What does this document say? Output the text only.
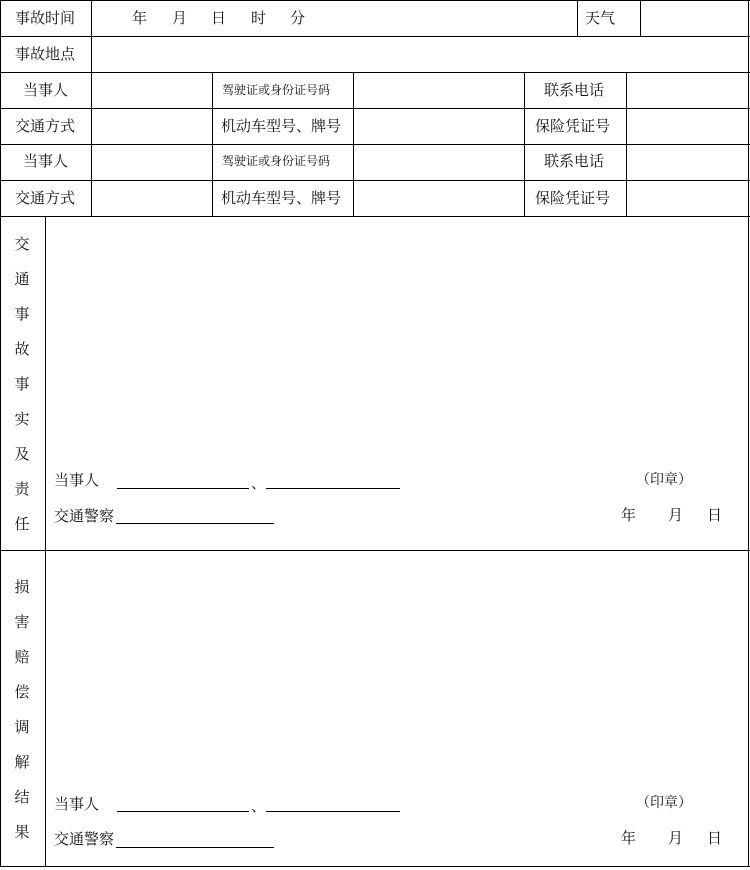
事故时间	年 月 日 时 分	天气
事故地点
当事人	驾驶证或身份证号码	联系电话
交通方式	机动车型号、牌号	保险凭证号
当事人	驾驶证或身份证号码	联系电话
交通方式	机动车型号、牌号	保险凭证号
交
通
事
故
事
实
及
责
任
当事人	、	（印章）
交通警察	年 月 日
损
害
赔
偿
调
解
结
果
当事人	、	（印章）
交通警察	年 月 日
